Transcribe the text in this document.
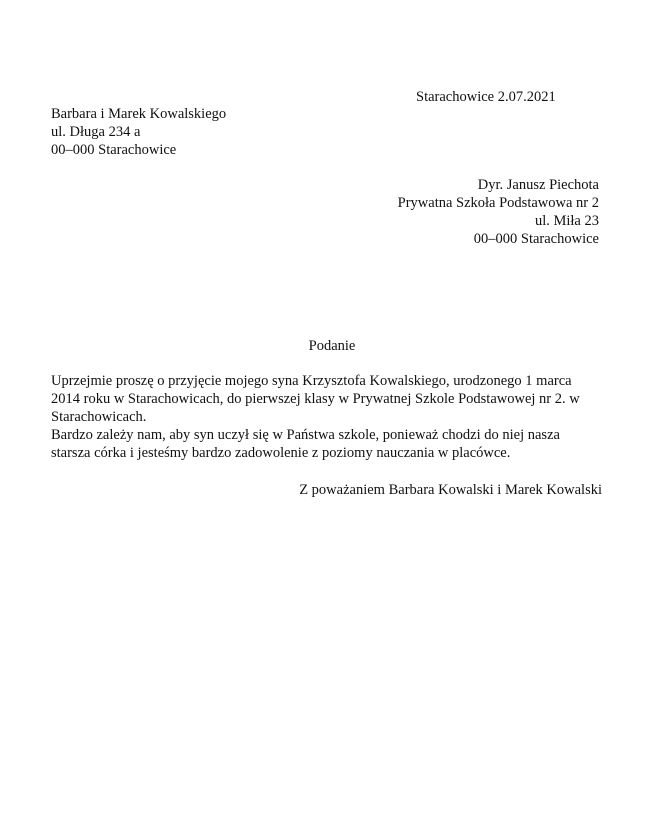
Starachowice 2.07.2021
Barbara i Marek Kowalskiego
ul. Długa 234 a
00–000 Starachowice
Dyr. Janusz Piechota
Prywatna Szkoła Podstawowa nr 2
ul. Miła 23
00–000 Starachowice
Podanie
Uprzejmie proszę o przyjęcie mojego syna Krzysztofa Kowalskiego, urodzonego 1 marca
2014 roku w Starachowicach, do pierwszej klasy w Prywatnej Szkole Podstawowej nr 2. w
Starachowicach.
Bardzo zależy nam, aby syn uczył się w Państwa szkole, ponieważ chodzi do niej nasza
starsza córka i jesteśmy bardzo zadowolenie z poziomy nauczania w placówce.
Z poważaniem Barbara Kowalski i Marek Kowalski
